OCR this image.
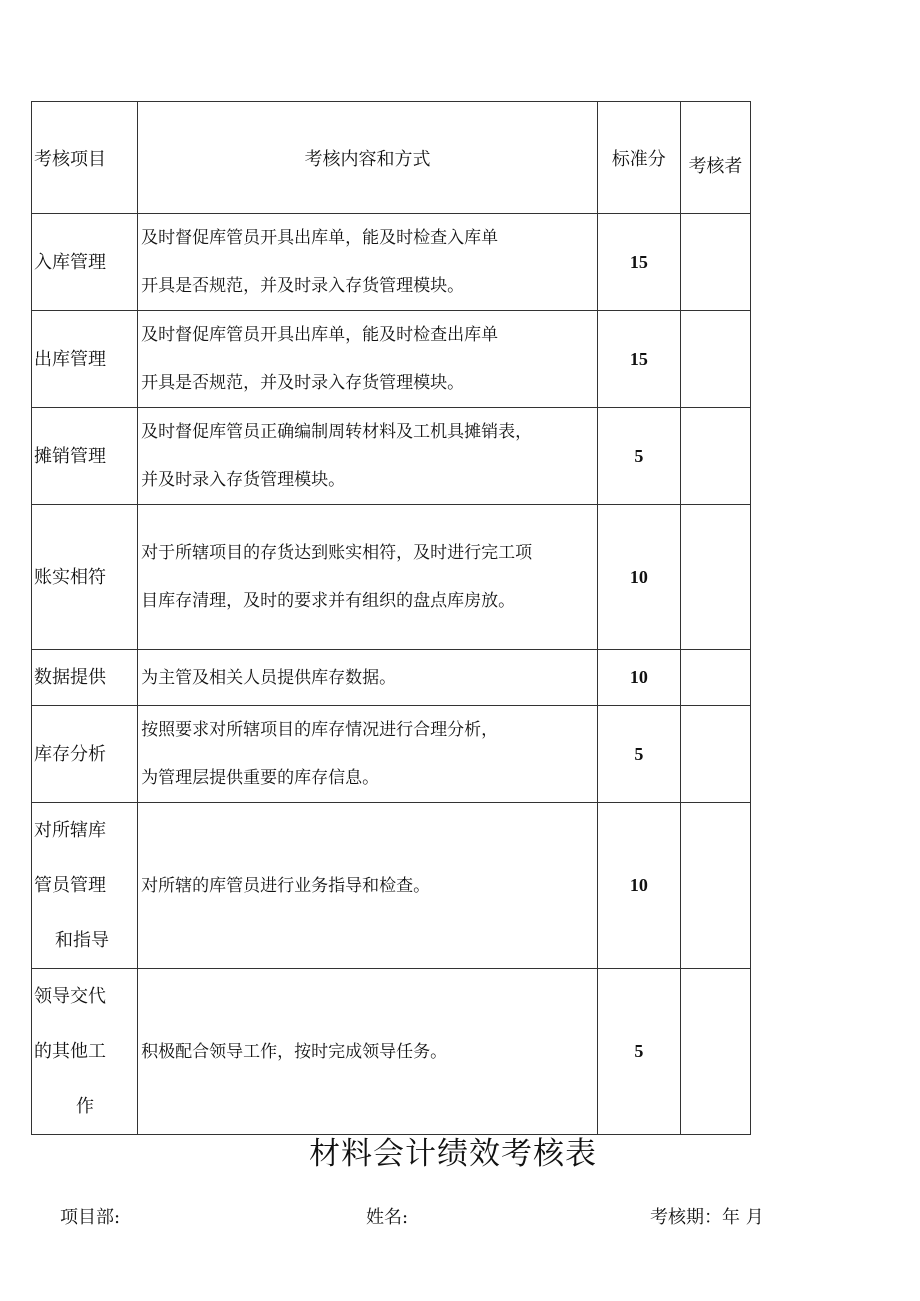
考核项目	考核内容和方式	标准分	考核者

入库管理	及时督促库管员开具出库单，能及时检查入库单
开具是否规范，并及时录入存货管理模块。	15	

出库管理	及时督促库管员开具出库单，能及时检查出库单
开具是否规范，并及时录入存货管理模块。	15	

摊销管理	及时督促库管员正确编制周转材料及工机具摊销表，
并及时录入存货管理模块。	5	

账实相符	对于所辖项目的存货达到账实相符，及时进行完工项
目库存清理，及时的要求并有组织的盘点库房放。	10	

数据提供	为主管及相关人员提供库存数据。	10	

库存分析	按照要求对所辖项目的库存情况进行合理分析，
为管理层提供重要的库存信息。	5	

对所辖库
管员管理
和指导	对所辖的库管员进行业务指导和检查。	10	

领导交代
的其他工
作	积极配合领导工作，按时完成领导任务。	5	
材料会计绩效考核表
项目部:	姓名:	考核期：年 月
